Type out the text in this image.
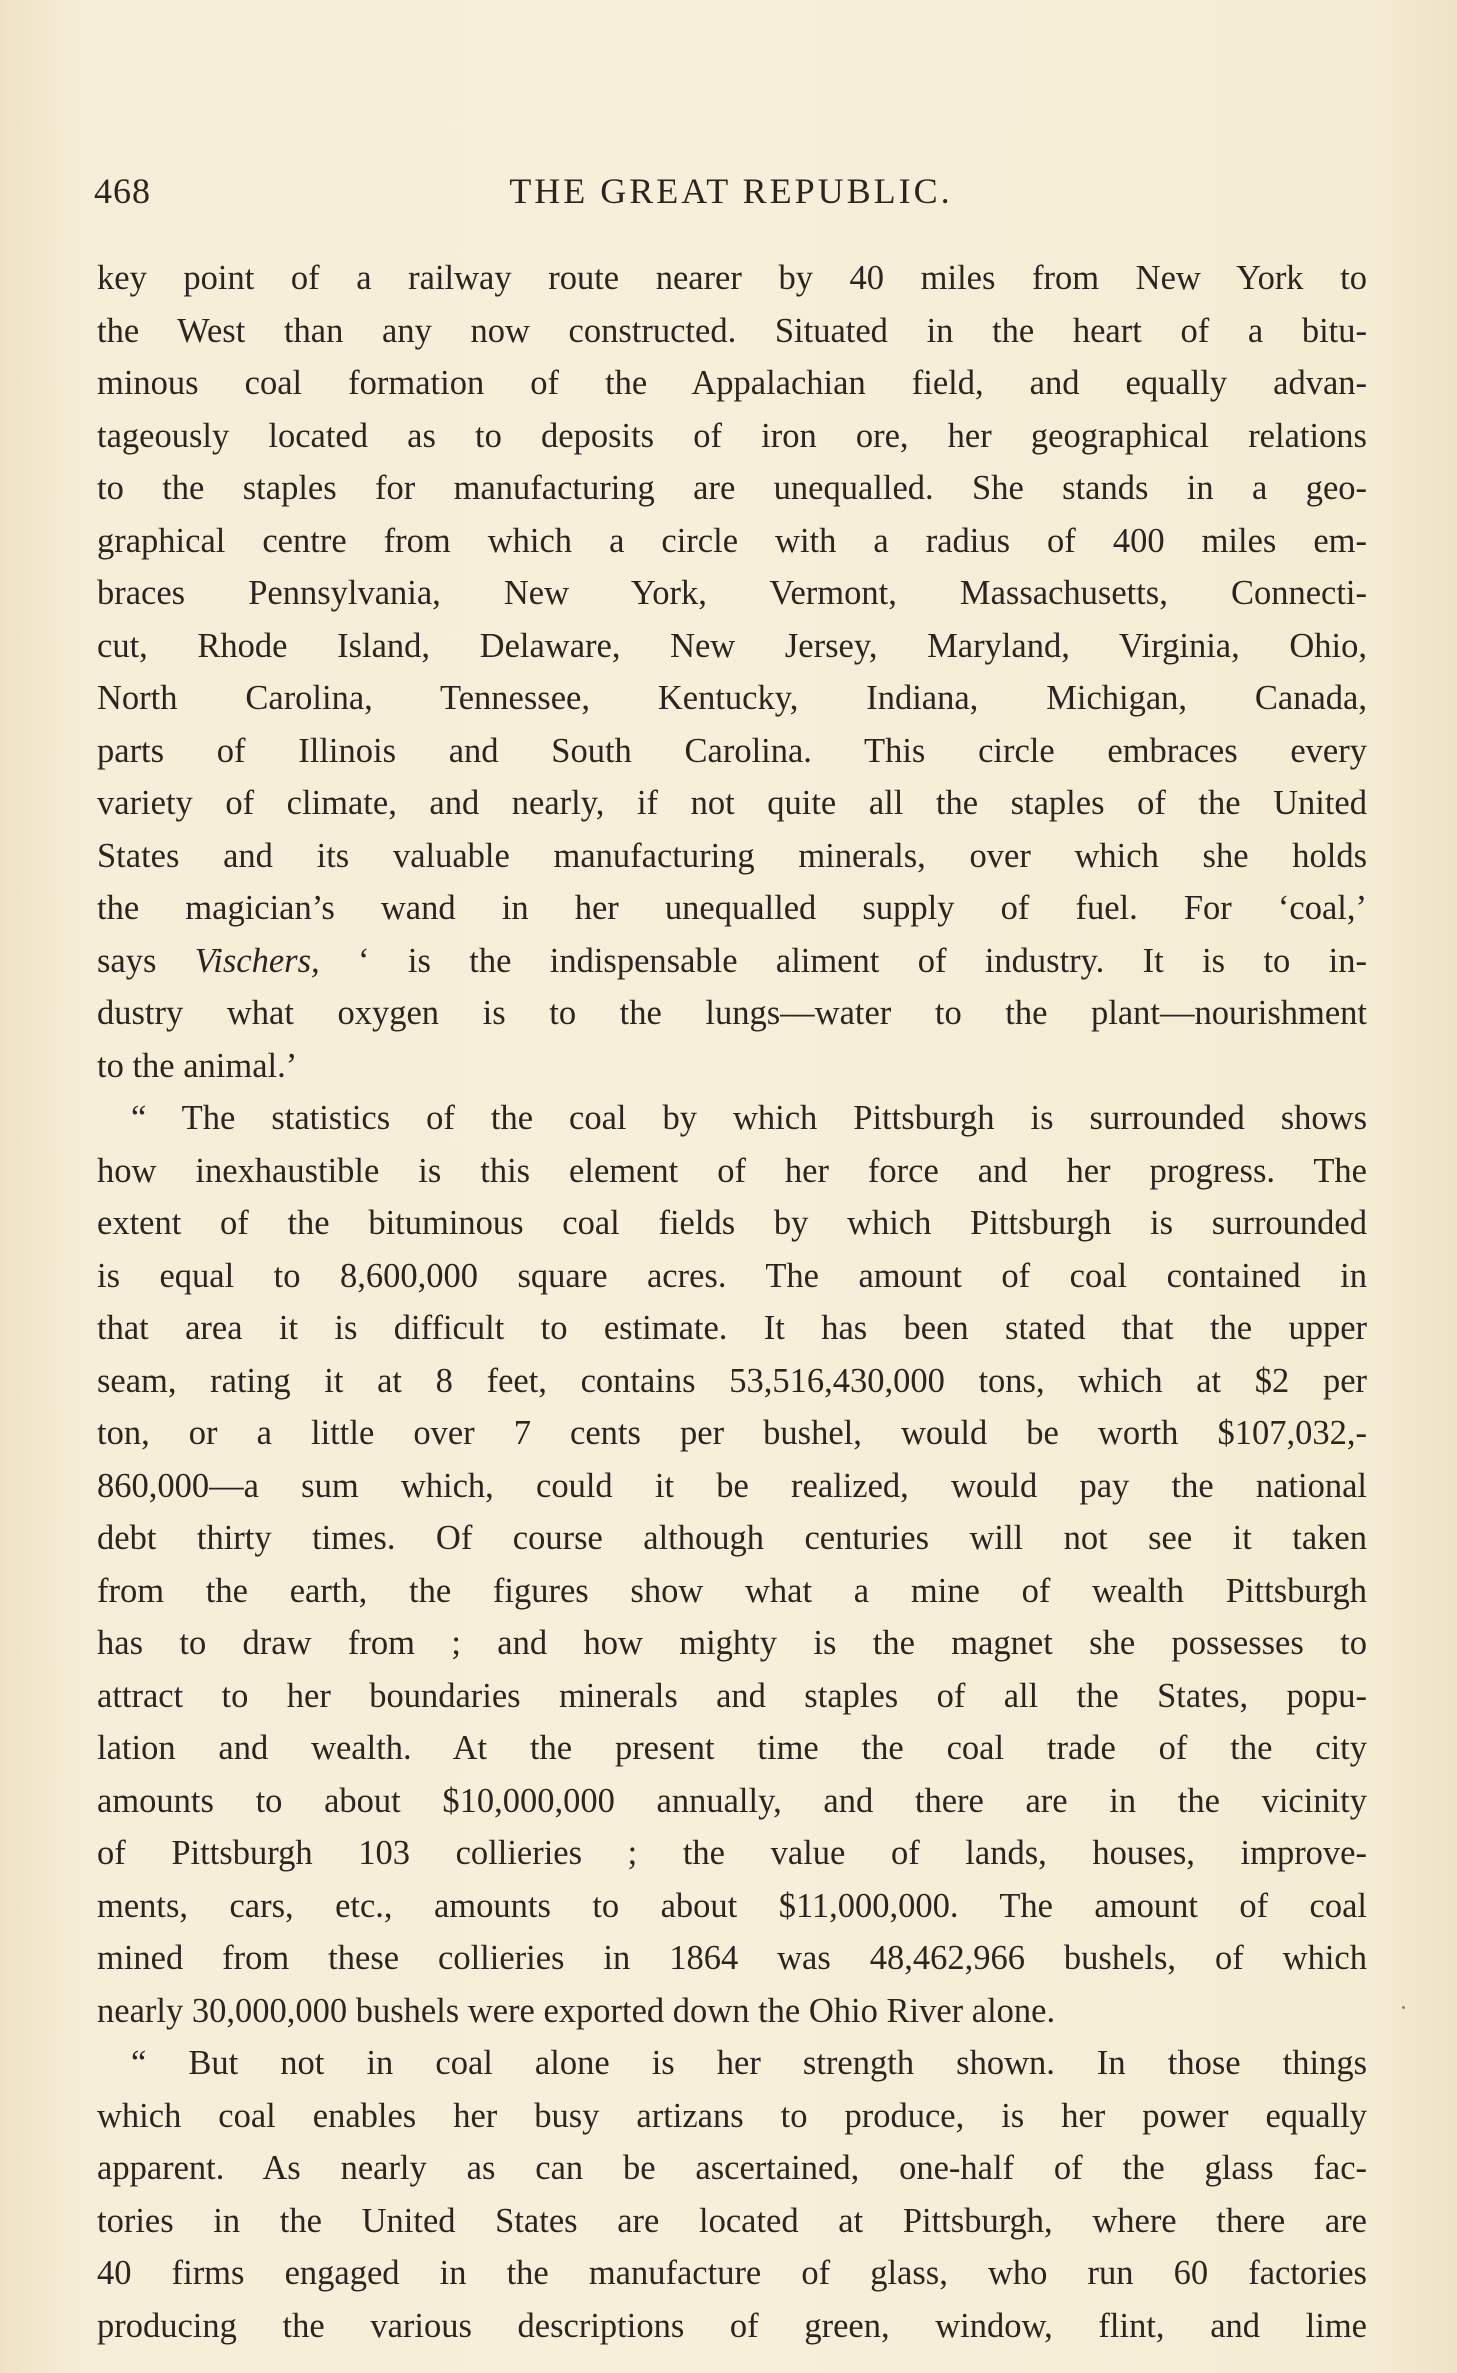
468	THE GREAT REPUBLIC.
key point of a railway route nearer by 40 miles from New York to
the West than any now constructed. Situated in the heart of a bitu-
minous coal formation of the Appalachian field, and equally advan-
tageously located as to deposits of iron ore, her geographical relations
to the staples for manufacturing are unequalled. She stands in a geo-
graphical centre from which a circle with a radius of 400 miles em-
braces Pennsylvania, New York, Vermont, Massachusetts, Connecti-
cut, Rhode Island, Delaware, New Jersey, Maryland, Virginia, Ohio,
North Carolina, Tennessee, Kentucky, Indiana, Michigan, Canada,
parts of Illinois and South Carolina. This circle embraces every
variety of climate, and nearly, if not quite all the staples of the United
States and its valuable manufacturing minerals, over which she holds
the magician’s wand in her unequalled supply of fuel. For ‘coal,’
says Vischers, ‘ is the indispensable aliment of industry. It is to in-
dustry what oxygen is to the lungs—water to the plant—nourishment
to the animal.’
“ The statistics of the coal by which Pittsburgh is surrounded shows
how inexhaustible is this element of her force and her progress. The
extent of the bituminous coal fields by which Pittsburgh is surrounded
is equal to 8,600,000 square acres. The amount of coal contained in
that area it is difficult to estimate. It has been stated that the upper
seam, rating it at 8 feet, contains 53,516,430,000 tons, which at $2 per
ton, or a little over 7 cents per bushel, would be worth $107,032,-
860,000—a sum which, could it be realized, would pay the national
debt thirty times. Of course although centuries will not see it taken
from the earth, the figures show what a mine of wealth Pittsburgh
has to draw from ; and how mighty is the magnet she possesses to
attract to her boundaries minerals and staples of all the States, popu-
lation and wealth. At the present time the coal trade of the city
amounts to about $10,000,000 annually, and there are in the vicinity
of Pittsburgh 103 collieries ; the value of lands, houses, improve-
ments, cars, etc., amounts to about $11,000,000. The amount of coal
mined from these collieries in 1864 was 48,462,966 bushels, of which
nearly 30,000,000 bushels were exported down the Ohio River alone.
“ But not in coal alone is her strength shown. In those things
which coal enables her busy artizans to produce, is her power equally
apparent. As nearly as can be ascertained, one-half of the glass fac-
tories in the United States are located at Pittsburgh, where there are
40 firms engaged in the manufacture of glass, who run 60 factories
producing the various descriptions of green, window, flint, and lime
